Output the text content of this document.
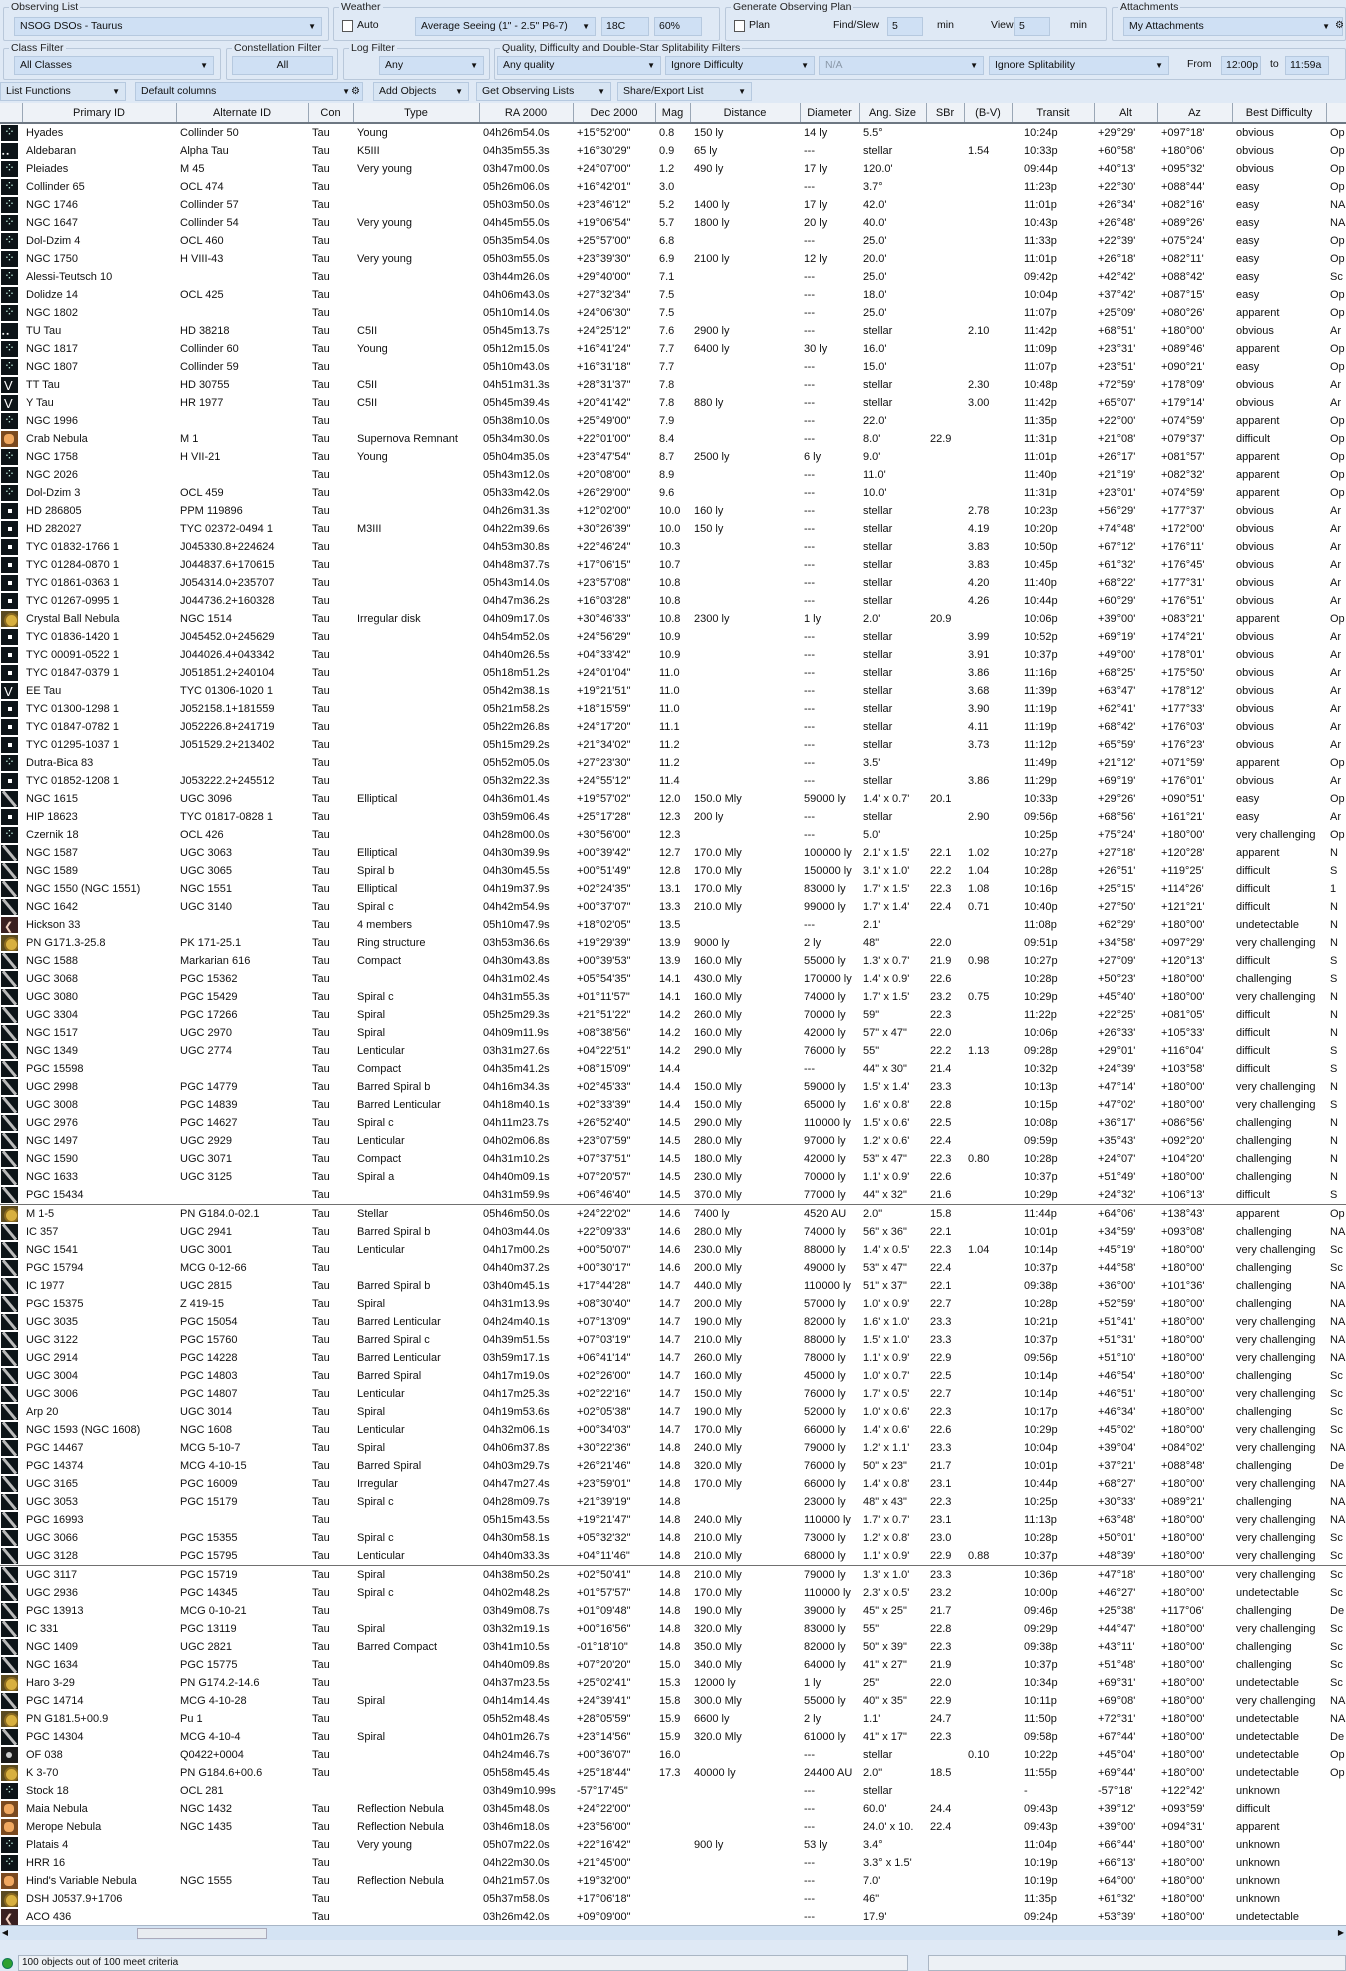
Observing List
NSOG DSOs - Taurus	▼
Weather
Auto	Average Seeing (1" - 2.5" P6-7) ▼	18C	60%
Generate Observing Plan
Plan	Find/Slew	5	min	View 5	min
Attachments
My Attachments	▼ ⚙
Class Filter
All Classes	▼
Constellation Filter
All
Log Filter
Any	▼
Quality, Difficulty and Double-Star Splitability Filters
Any quality	▼	Ignore Difficulty	▼	N/A	▼	Ignore Splitability	▼ From	12:00p to	11:59a
List Functions	▼	Default columns	▼ ⚙	Add Objects ▼	Get Observing Lists	▼	Share/Export List	▼
	Primary ID	Alternate ID	Con	Type	RA 2000	Dec 2000	Mag	Distance	Diameter	Ang. Size	SBr	(B-V)	Transit	Alt	Az	Best Difficulty	
⁘	Hyades	Collinder 50	Tau	Young	04h26m54.0s	+15°52'00"	0.8	150 ly	14 ly	5.5°			10:24p	+29°29'	+097°18'	obvious	Op
▪ ▪	Aldebaran	Alpha Tau	Tau	K5III	04h35m55.3s	+16°30'29"	0.9	65 ly	---	stellar		1.54	10:33p	+60°58'	+180°06'	obvious	Op
⁘	Pleiades	M 45	Tau	Very young	03h47m00.0s	+24°07'00"	1.2	490 ly	17 ly	120.0'			09:44p	+40°13'	+095°32'	obvious	Op
⁘	Collinder 65	OCL 474	Tau		05h26m06.0s	+16°42'01"	3.0		---	3.7°			11:23p	+22°30'	+088°44'	easy	Op
⁘	NGC 1746	Collinder 57	Tau		05h03m50.0s	+23°46'12"	5.2	1400 ly	17 ly	42.0'			11:01p	+26°34'	+082°16'	easy	NA
⁘	NGC 1647	Collinder 54	Tau	Very young	04h45m55.0s	+19°06'54"	5.7	1800 ly	20 ly	40.0'			10:43p	+26°48'	+089°26'	easy	NA
⁘	Dol-Dzim 4	OCL 460	Tau		05h35m54.0s	+25°57'00"	6.8		---	25.0'			11:33p	+22°39'	+075°24'	easy	Op
⁘	NGC 1750	H VIII-43	Tau	Very young	05h03m55.0s	+23°39'30"	6.9	2100 ly	12 ly	20.0'			11:01p	+26°18'	+082°11'	easy	Op
⁘	Alessi-Teutsch 10		Tau		03h44m26.0s	+29°40'00"	7.1		---	25.0'			09:42p	+42°42'	+088°42'	easy	Sc
⁘	Dolidze 14	OCL 425	Tau		04h06m43.0s	+27°32'34"	7.5		---	18.0'			10:04p	+37°42'	+087°15'	easy	Op
⁘	NGC 1802		Tau		05h10m14.0s	+24°06'30"	7.5		---	25.0'			11:07p	+25°09'	+080°26'	apparent	Op
▪ ▪	TU Tau	HD 38218	Tau	C5II	05h45m13.7s	+24°25'12"	7.6	2900 ly	---	stellar		2.10	11:42p	+68°51'	+180°00'	obvious	Ar
⁘	NGC 1817	Collinder 60	Tau	Young	05h12m15.0s	+16°41'24"	7.7	6400 ly	30 ly	16.0'			11:09p	+23°31'	+089°46'	apparent	Op
⁘	NGC 1807	Collinder 59	Tau		05h10m43.0s	+16°31'18"	7.7		---	15.0'			11:07p	+23°51'	+090°21'	easy	Op
V	TT Tau	HD 30755	Tau	C5II	04h51m31.3s	+28°31'37"	7.8		---	stellar		2.30	10:48p	+72°59'	+178°09'	obvious	Ar
V	Y Tau	HR 1977	Tau	C5II	05h45m39.4s	+20°41'42"	7.8	880 ly	---	stellar		3.00	11:42p	+65°07'	+179°14'	obvious	Ar
⁘	NGC 1996		Tau		05h38m10.0s	+25°49'00"	7.9		---	22.0'			11:35p	+22°00'	+074°59'	apparent	Op
	Crab Nebula	M 1	Tau	Supernova Remnant	05h34m30.0s	+22°01'00"	8.4		---	8.0'	22.9		11:31p	+21°08'	+079°37'	difficult	Op
⁘	NGC 1758	H VII-21	Tau	Young	05h04m35.0s	+23°47'54"	8.7	2500 ly	6 ly	9.0'			11:01p	+26°17'	+081°57'	apparent	Op
⁘	NGC 2026		Tau		05h43m12.0s	+20°08'00"	8.9		---	11.0'			11:40p	+21°19'	+082°32'	apparent	Op
⁘	Dol-Dzim 3	OCL 459	Tau		05h33m42.0s	+26°29'00"	9.6		---	10.0'			11:31p	+23°01'	+074°59'	apparent	Op
	HD 286805	PPM 119896	Tau		04h26m31.3s	+12°02'00"	10.0	160 ly	---	stellar		2.78	10:23p	+56°29'	+177°37'	obvious	Ar
	HD 282027	TYC 02372-0494 1	Tau	M3III	04h22m39.6s	+30°26'39"	10.0	150 ly	---	stellar		4.19	10:20p	+74°48'	+172°00'	obvious	Ar
	TYC 01832-1766 1	J045330.8+224624	Tau		04h53m30.8s	+22°46'24"	10.3		---	stellar		3.83	10:50p	+67°12'	+176°11'	obvious	Ar
	TYC 01284-0870 1	J044837.6+170615	Tau		04h48m37.7s	+17°06'15"	10.7		---	stellar		3.83	10:45p	+61°32'	+176°45'	obvious	Ar
	TYC 01861-0363 1	J054314.0+235707	Tau		05h43m14.0s	+23°57'08"	10.8		---	stellar		4.20	11:40p	+68°22'	+177°31'	obvious	Ar
	TYC 01267-0995 1	J044736.2+160328	Tau		04h47m36.2s	+16°03'28"	10.8		---	stellar		4.26	10:44p	+60°29'	+176°51'	obvious	Ar
	Crystal Ball Nebula	NGC 1514	Tau	Irregular disk	04h09m17.0s	+30°46'33"	10.8	2300 ly	1 ly	2.0'	20.9		10:06p	+39°00'	+083°21'	apparent	Op
	TYC 01836-1420 1	J045452.0+245629	Tau		04h54m52.0s	+24°56'29"	10.9		---	stellar		3.99	10:52p	+69°19'	+174°21'	obvious	Ar
	TYC 00091-0522 1	J044026.4+043342	Tau		04h40m26.5s	+04°33'42"	10.9		---	stellar		3.91	10:37p	+49°00'	+178°01'	obvious	Ar
	TYC 01847-0379 1	J051851.2+240104	Tau		05h18m51.2s	+24°01'04"	11.0		---	stellar		3.86	11:16p	+68°25'	+175°50'	obvious	Ar
V	EE Tau	TYC 01306-1020 1	Tau		05h42m38.1s	+19°21'51"	11.0		---	stellar		3.68	11:39p	+63°47'	+178°12'	obvious	Ar
	TYC 01300-1298 1	J052158.1+181559	Tau		05h21m58.2s	+18°15'59"	11.0		---	stellar		3.90	11:19p	+62°41'	+177°33'	obvious	Ar
	TYC 01847-0782 1	J052226.8+241719	Tau		05h22m26.8s	+24°17'20"	11.1		---	stellar		4.11	11:19p	+68°42'	+176°03'	obvious	Ar
	TYC 01295-1037 1	J051529.2+213402	Tau		05h15m29.2s	+21°34'02"	11.2		---	stellar		3.73	11:12p	+65°59'	+176°23'	obvious	Ar
⁘	Dutra-Bica 83		Tau		05h52m05.0s	+27°23'30"	11.2		---	3.5'			11:49p	+21°12'	+071°59'	apparent	Op
	TYC 01852-1208 1	J053222.2+245512	Tau		05h32m22.3s	+24°55'12"	11.4		---	stellar		3.86	11:29p	+69°19'	+176°01'	obvious	Ar
	NGC 1615	UGC 3096	Tau	Elliptical	04h36m01.4s	+19°57'02"	12.0	150.0 Mly	59000 ly	1.4' x 0.7'	20.1		10:33p	+29°26'	+090°51'	easy	Op
	HIP 18623	TYC 01817-0828 1	Tau		03h59m06.4s	+25°17'28"	12.3	200 ly	---	stellar		2.90	09:56p	+68°56'	+161°21'	easy	Ar
⁘	Czernik 18	OCL 426	Tau		04h28m00.0s	+30°56'00"	12.3		---	5.0'			10:25p	+75°24'	+180°00'	very challenging	Op
	NGC 1587	UGC 3063	Tau	Elliptical	04h30m39.9s	+00°39'42"	12.7	170.0 Mly	100000 ly	2.1' x 1.5'	22.1	1.02	10:27p	+27°18'	+120°28'	apparent	N
	NGC 1589	UGC 3065	Tau	Spiral b	04h30m45.5s	+00°51'49"	12.8	170.0 Mly	150000 ly	3.1' x 1.0'	22.2	1.04	10:28p	+26°51'	+119°25'	difficult	S
	NGC 1550 (NGC 1551)	NGC 1551	Tau	Elliptical	04h19m37.9s	+02°24'35"	13.1	170.0 Mly	83000 ly	1.7' x 1.5'	22.3	1.08	10:16p	+25°15'	+114°26'	difficult	1
	NGC 1642	UGC 3140	Tau	Spiral c	04h42m54.9s	+00°37'07"	13.3	210.0 Mly	99000 ly	1.7' x 1.4'	22.4	0.71	10:40p	+27°50'	+121°21'	difficult	N
❮	Hickson 33		Tau	4 members	05h10m47.9s	+18°02'05"	13.5		---	2.1'			11:08p	+62°29'	+180°00'	undetectable	N
	PN G171.3-25.8	PK 171-25.1	Tau	Ring structure	03h53m36.6s	+19°29'39"	13.9	9000 ly	2 ly	48"	22.0		09:51p	+34°58'	+097°29'	very challenging	N
	NGC 1588	Markarian 616	Tau	Compact	04h30m43.8s	+00°39'53"	13.9	160.0 Mly	55000 ly	1.3' x 0.7'	21.9	0.98	10:27p	+27°09'	+120°13'	difficult	S
	UGC 3068	PGC 15362	Tau		04h31m02.4s	+05°54'35"	14.1	430.0 Mly	170000 ly	1.4' x 0.9'	22.6		10:28p	+50°23'	+180°00'	challenging	S
	UGC 3080	PGC 15429	Tau	Spiral c	04h31m55.3s	+01°11'57"	14.1	160.0 Mly	74000 ly	1.7' x 1.5'	23.2	0.75	10:29p	+45°40'	+180°00'	very challenging	N
	UGC 3304	PGC 17266	Tau	Spiral	05h25m29.3s	+21°51'22"	14.2	260.0 Mly	70000 ly	59"	22.3		11:22p	+22°25'	+081°05'	difficult	N
	NGC 1517	UGC 2970	Tau	Spiral	04h09m11.9s	+08°38'56"	14.2	160.0 Mly	42000 ly	57" x 47"	22.0		10:06p	+26°33'	+105°33'	difficult	N
	NGC 1349	UGC 2774	Tau	Lenticular	03h31m27.6s	+04°22'51"	14.2	290.0 Mly	76000 ly	55"	22.2	1.13	09:28p	+29°01'	+116°04'	difficult	S
	PGC 15598		Tau	Compact	04h35m41.2s	+08°15'09"	14.4		---	44" x 30"	21.4		10:32p	+24°39'	+103°58'	difficult	S
	UGC 2998	PGC 14779	Tau	Barred Spiral b	04h16m34.3s	+02°45'33"	14.4	150.0 Mly	59000 ly	1.5' x 1.4'	23.3		10:13p	+47°14'	+180°00'	very challenging	N
	UGC 3008	PGC 14839	Tau	Barred Lenticular	04h18m40.1s	+02°33'39"	14.4	150.0 Mly	65000 ly	1.6' x 0.8'	22.8		10:15p	+47°02'	+180°00'	very challenging	S
	UGC 2976	PGC 14627	Tau	Spiral c	04h11m23.7s	+26°52'40"	14.5	290.0 Mly	110000 ly	1.5' x 0.6'	22.5		10:08p	+36°17'	+086°56'	challenging	N
	NGC 1497	UGC 2929	Tau	Lenticular	04h02m06.8s	+23°07'59"	14.5	280.0 Mly	97000 ly	1.2' x 0.6'	22.4		09:59p	+35°43'	+092°20'	challenging	N
	NGC 1590	UGC 3071	Tau	Compact	04h31m10.2s	+07°37'51"	14.5	180.0 Mly	42000 ly	53" x 47"	22.3	0.80	10:28p	+24°07'	+104°20'	challenging	N
	NGC 1633	UGC 3125	Tau	Spiral a	04h40m09.1s	+07°20'57"	14.5	230.0 Mly	70000 ly	1.1' x 0.9'	22.6		10:37p	+51°49'	+180°00'	challenging	N
	PGC 15434		Tau		04h31m59.9s	+06°46'40"	14.5	370.0 Mly	77000 ly	44" x 32"	21.6		10:29p	+24°32'	+106°13'	difficult	S
	M 1-5	PN G184.0-02.1	Tau	Stellar	05h46m50.0s	+24°22'02"	14.6	7400 ly	4520 AU	2.0"	15.8		11:44p	+64°06'	+138°43'	apparent	Op
	IC 357	UGC 2941	Tau	Barred Spiral b	04h03m44.0s	+22°09'33"	14.6	280.0 Mly	74000 ly	56" x 36"	22.1		10:01p	+34°59'	+093°08'	challenging	NA
	NGC 1541	UGC 3001	Tau	Lenticular	04h17m00.2s	+00°50'07"	14.6	230.0 Mly	88000 ly	1.4' x 0.5'	22.3	1.04	10:14p	+45°19'	+180°00'	very challenging	Sc
	PGC 15794	MCG 0-12-66	Tau		04h40m37.2s	+00°30'17"	14.6	200.0 Mly	49000 ly	53" x 47"	22.4		10:37p	+44°58'	+180°00'	challenging	Sc
	IC 1977	UGC 2815	Tau	Barred Spiral b	03h40m45.1s	+17°44'28"	14.7	440.0 Mly	110000 ly	51" x 37"	22.1		09:38p	+36°00'	+101°36'	challenging	NA
	PGC 15375	Z 419-15	Tau	Spiral	04h31m13.9s	+08°30'40"	14.7	200.0 Mly	57000 ly	1.0' x 0.9'	22.7		10:28p	+52°59'	+180°00'	challenging	NA
	UGC 3035	PGC 15054	Tau	Barred Lenticular	04h24m40.1s	+07°13'09"	14.7	190.0 Mly	82000 ly	1.6' x 1.0'	23.3		10:21p	+51°41'	+180°00'	very challenging	NA
	UGC 3122	PGC 15760	Tau	Barred Spiral c	04h39m51.5s	+07°03'19"	14.7	210.0 Mly	88000 ly	1.5' x 1.0'	23.3		10:37p	+51°31'	+180°00'	very challenging	NA
	UGC 2914	PGC 14228	Tau	Barred Lenticular	03h59m17.1s	+06°41'14"	14.7	260.0 Mly	78000 ly	1.1' x 0.9'	22.9		09:56p	+51°10'	+180°00'	very challenging	NA
	UGC 3004	PGC 14803	Tau	Barred Spiral	04h17m19.0s	+02°26'00"	14.7	160.0 Mly	45000 ly	1.0' x 0.7'	22.5		10:14p	+46°54'	+180°00'	challenging	Sc
	UGC 3006	PGC 14807	Tau	Lenticular	04h17m25.3s	+02°22'16"	14.7	150.0 Mly	76000 ly	1.7' x 0.5'	22.7		10:14p	+46°51'	+180°00'	very challenging	Sc
	Arp 20	UGC 3014	Tau	Spiral	04h19m53.6s	+02°05'38"	14.7	190.0 Mly	52000 ly	1.0' x 0.6'	22.3		10:17p	+46°34'	+180°00'	challenging	Sc
	NGC 1593 (NGC 1608)	NGC 1608	Tau	Lenticular	04h32m06.1s	+00°34'03"	14.7	170.0 Mly	66000 ly	1.4' x 0.6'	22.6		10:29p	+45°02'	+180°00'	very challenging	Sc
	PGC 14467	MCG 5-10-7	Tau	Spiral	04h06m37.8s	+30°22'36"	14.8	240.0 Mly	79000 ly	1.2' x 1.1'	23.3		10:04p	+39°04'	+084°02'	very challenging	NA
	PGC 14374	MCG 4-10-15	Tau	Barred Spiral	04h03m29.7s	+26°21'46"	14.8	320.0 Mly	76000 ly	50" x 23"	21.7		10:01p	+37°21'	+088°48'	challenging	De
	UGC 3165	PGC 16009	Tau	Irregular	04h47m27.4s	+23°59'01"	14.8	170.0 Mly	66000 ly	1.4' x 0.8'	23.1		10:44p	+68°27'	+180°00'	very challenging	NA
	UGC 3053	PGC 15179	Tau	Spiral c	04h28m09.7s	+21°39'19"	14.8		23000 ly	48" x 43"	22.3		10:25p	+30°33'	+089°21'	challenging	NA
	PGC 16993		Tau		05h15m43.5s	+19°21'47"	14.8	240.0 Mly	110000 ly	1.7' x 0.7'	23.1		11:13p	+63°48'	+180°00'	very challenging	NA
	UGC 3066	PGC 15355	Tau	Spiral c	04h30m58.1s	+05°32'32"	14.8	210.0 Mly	73000 ly	1.2' x 0.8'	23.0		10:28p	+50°01'	+180°00'	very challenging	Sc
	UGC 3128	PGC 15795	Tau	Lenticular	04h40m33.3s	+04°11'46"	14.8	210.0 Mly	68000 ly	1.1' x 0.9'	22.9	0.88	10:37p	+48°39'	+180°00'	very challenging	Sc
	UGC 3117	PGC 15719	Tau	Spiral	04h38m50.2s	+02°50'41"	14.8	210.0 Mly	79000 ly	1.3' x 1.0'	23.3		10:36p	+47°18'	+180°00'	very challenging	Sc
	UGC 2936	PGC 14345	Tau	Spiral c	04h02m48.2s	+01°57'57"	14.8	170.0 Mly	110000 ly	2.3' x 0.5'	23.2		10:00p	+46°27'	+180°00'	undetectable	Sc
	PGC 13913	MCG 0-10-21	Tau		03h49m08.7s	+01°09'48"	14.8	190.0 Mly	39000 ly	45" x 25"	21.7		09:46p	+25°38'	+117°06'	challenging	De
	IC 331	PGC 13119	Tau	Spiral	03h32m19.1s	+00°16'56"	14.8	320.0 Mly	83000 ly	55"	22.8		09:29p	+44°47'	+180°00'	very challenging	Sc
	NGC 1409	UGC 2821	Tau	Barred Compact	03h41m10.5s	-01°18'10"	14.8	350.0 Mly	82000 ly	50" x 39"	22.3		09:38p	+43°11'	+180°00'	challenging	Sc
	NGC 1634	PGC 15775	Tau		04h40m09.8s	+07°20'20"	15.0	340.0 Mly	64000 ly	41" x 27"	21.9		10:37p	+51°48'	+180°00'	challenging	Sc
	Haro 3-29	PN G174.2-14.6	Tau		04h37m23.5s	+25°02'41"	15.3	12000 ly	1 ly	25"	22.0		10:34p	+69°31'	+180°00'	undetectable	Sc
	PGC 14714	MCG 4-10-28	Tau	Spiral	04h14m14.4s	+24°39'41"	15.8	300.0 Mly	55000 ly	40" x 35"	22.9		10:11p	+69°08'	+180°00'	very challenging	NA
	PN G181.5+00.9	Pu 1	Tau		05h52m48.4s	+28°05'59"	15.9	6600 ly	2 ly	1.1'	24.7		11:50p	+72°31'	+180°00'	undetectable	NA
	PGC 14304	MCG 4-10-4	Tau	Spiral	04h01m26.7s	+23°14'56"	15.9	320.0 Mly	61000 ly	41" x 17"	22.3		09:58p	+67°44'	+180°00'	undetectable	De
	OF 038	Q0422+0004	Tau		04h24m46.7s	+00°36'07"	16.0		---	stellar		0.10	10:22p	+45°04'	+180°00'	undetectable	Op
	K 3-70	PN G184.6+00.6	Tau		05h58m45.4s	+25°18'44"	17.3	40000 ly	24400 AU	2.0"	18.5		11:55p	+69°44'	+180°00'	undetectable	Op
⁘	Stock 18	OCL 281			03h49m10.99s	-57°17'45"			---	stellar			-	-57°18'	+122°42'	unknown	
	Maia Nebula	NGC 1432	Tau	Reflection Nebula	03h45m48.0s	+24°22'00"			---	60.0'	24.4		09:43p	+39°12'	+093°59'	difficult	
	Merope Nebula	NGC 1435	Tau	Reflection Nebula	03h46m18.0s	+23°56'00"			---	24.0' x 10.	22.4		09:43p	+39°00'	+094°31'	apparent	
⁘	Platais 4		Tau	Very young	05h07m22.0s	+22°16'42"		900 ly	53 ly	3.4°			11:04p	+66°44'	+180°00'	unknown	
⁘	HRR 16		Tau		04h22m30.0s	+21°45'00"			---	3.3° x 1.5'			10:19p	+66°13'	+180°00'	unknown	
	Hind's Variable Nebula	NGC 1555	Tau	Reflection Nebula	04h21m57.0s	+19°32'00"			---	7.0'			10:19p	+64°00'	+180°00'	unknown	
	DSH J0537.9+1706		Tau		05h37m58.0s	+17°06'18"			---	46"			11:35p	+61°32'	+180°00'	unknown	
❮	ACO 436		Tau		03h26m42.0s	+09°09'00"			---	17.9'			09:24p	+53°39'	+180°00'	undetectable	
◀	▶
100 objects out of 100 meet criteria
